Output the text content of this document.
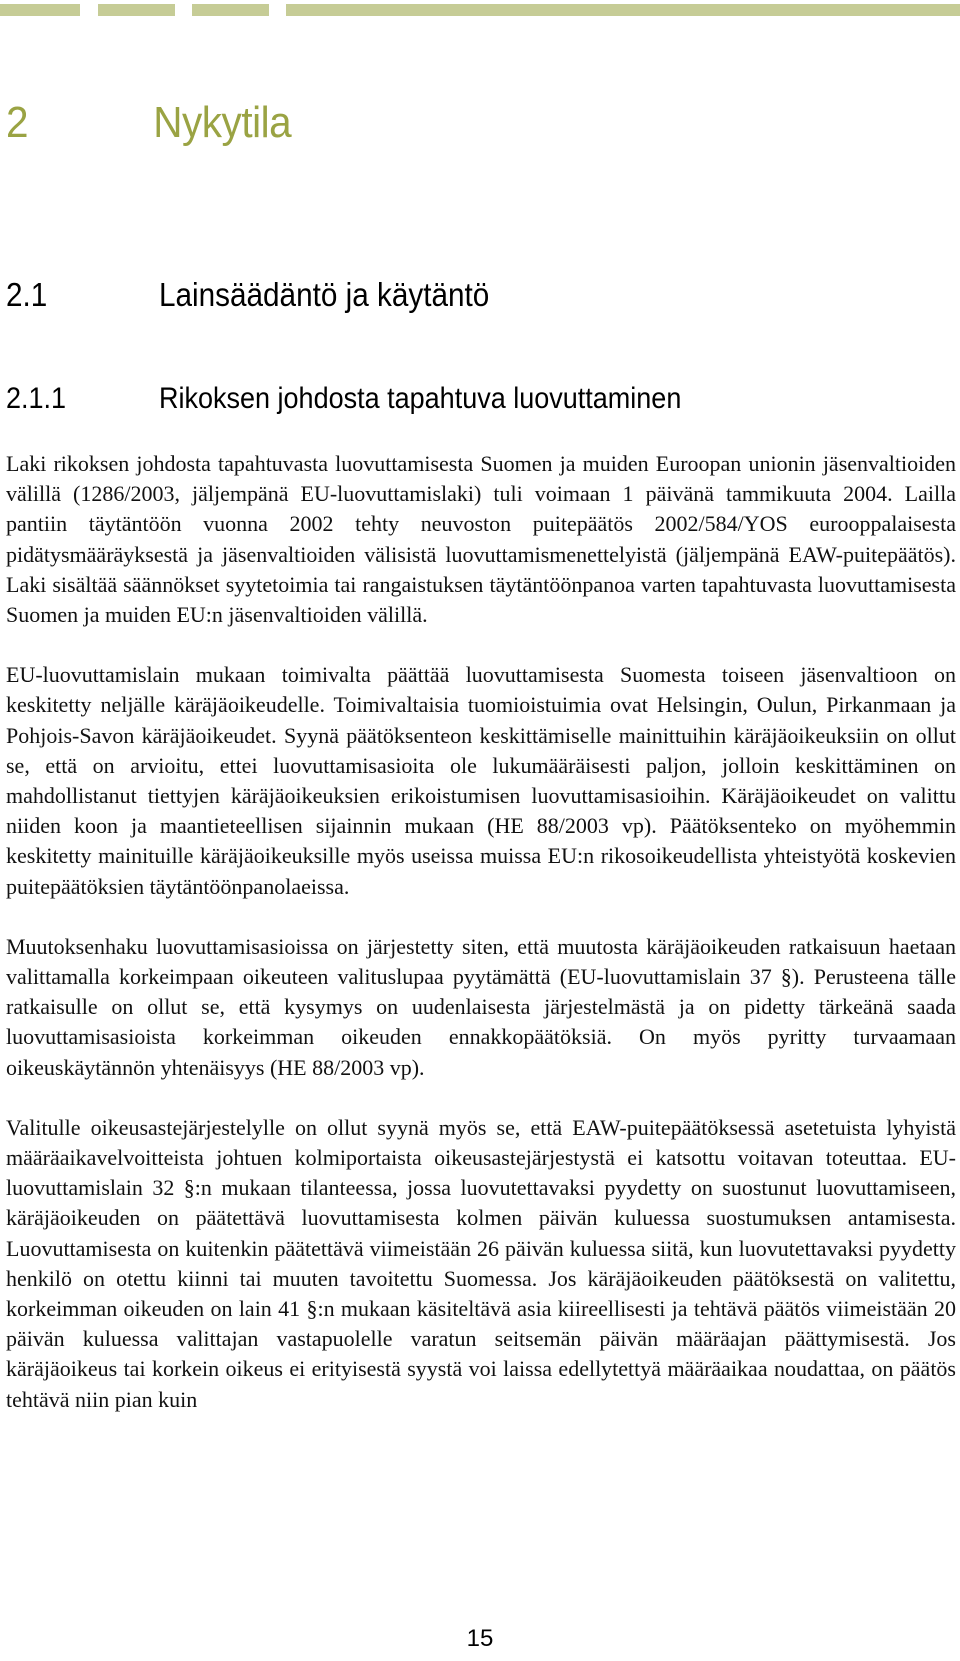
2	Nykytila
2.1	Lainsäädäntö ja käytäntö
2.1.1	Rikoksen johdosta tapahtuva luovuttaminen

Laki rikoksen johdosta tapahtuvasta luovuttamisesta Suomen ja muiden Euroopan unionin jäsenvaltioiden välillä (1286/2003, jäljempänä EU-luovuttamislaki) tuli voimaan 1 päivänä tammikuuta 2004. Lailla pantiin täytäntöön vuonna 2002 tehty neuvoston puitepäätös 2002/584/YOS eurooppalaisesta pidätysmääräyksestä ja jäsenvaltioiden välisistä luovuttamismenettelyistä (jäljempänä EAW-puitepäätös). Laki sisältää säännökset syytetoimia tai rangaistuksen täytäntöönpanoa varten tapahtuvasta luovuttamisesta Suomen ja muiden EU:n jäsenvaltioiden välillä.

EU-luovuttamislain mukaan toimivalta päättää luovuttamisesta Suomesta toiseen jäsenvaltioon on keskitetty neljälle käräjäoikeudelle. Toimivaltaisia tuomioistuimia ovat Helsingin, Oulun, Pirkanmaan ja Pohjois-Savon käräjäoikeudet. Syynä päätöksenteon keskittämiselle mainittuihin käräjäoikeuksiin on ollut se, että on arvioitu, ettei luovuttamisasioita ole lukumääräisesti paljon, jolloin keskittäminen on mahdollistanut tiettyjen käräjäoikeuksien erikoistumisen luovuttamisasioihin. Käräjäoikeudet on valittu niiden koon ja maantieteellisen sijainnin mukaan (HE 88/2003 vp). Päätöksenteko on myöhemmin keskitetty mainituille käräjäoikeuksille myös useissa muissa EU:n rikosoikeudellista yhteistyötä koskevien puitepäätöksien täytäntöönpanolaeissa.

Muutoksenhaku luovuttamisasioissa on järjestetty siten, että muutosta käräjäoikeuden ratkaisuun haetaan valittamalla korkeimpaan oikeuteen valituslupaa pyytämättä (EU-luovuttamislain 37 §). Perusteena tälle ratkaisulle on ollut se, että kysymys on uudenlaisesta järjestelmästä ja on pidetty tärkeänä saada luovuttamisasioista korkeimman oikeuden ennakkopäätöksiä. On myös pyritty turvaamaan oikeuskäytännön yhtenäisyys (HE 88/2003 vp).

Valitulle oikeusastejärjestelylle on ollut syynä myös se, että EAW-puitepäätöksessä asetetuista lyhyistä määräaikavelvoitteista johtuen kolmiportaista oikeusastejärjestystä ei katsottu voitavan toteuttaa. EU-luovuttamislain 32 §:n mukaan tilanteessa, jossa luovutettavaksi pyydetty on suostunut luovuttamiseen, käräjäoikeuden on päätettävä luovuttamisesta kolmen päivän kuluessa suostumuksen antamisesta. Luovuttamisesta on kuitenkin päätettävä viimeistään 26 päivän kuluessa siitä, kun luovutettavaksi pyydetty henkilö on otettu kiinni tai muuten tavoitettu Suomessa. Jos käräjäoikeuden päätöksestä on valitettu, korkeimman oikeuden on lain 41 §:n mukaan käsiteltävä asia kiireellisesti ja tehtävä päätös viimeistään 20 päivän kuluessa valittajan vastapuolelle varatun seitsemän päivän määräajan päättymisestä. Jos käräjäoikeus tai korkein oikeus ei erityisestä syystä voi laissa edellytettyä määräaikaa noudattaa, on päätös tehtävä niin pian kuin

15
